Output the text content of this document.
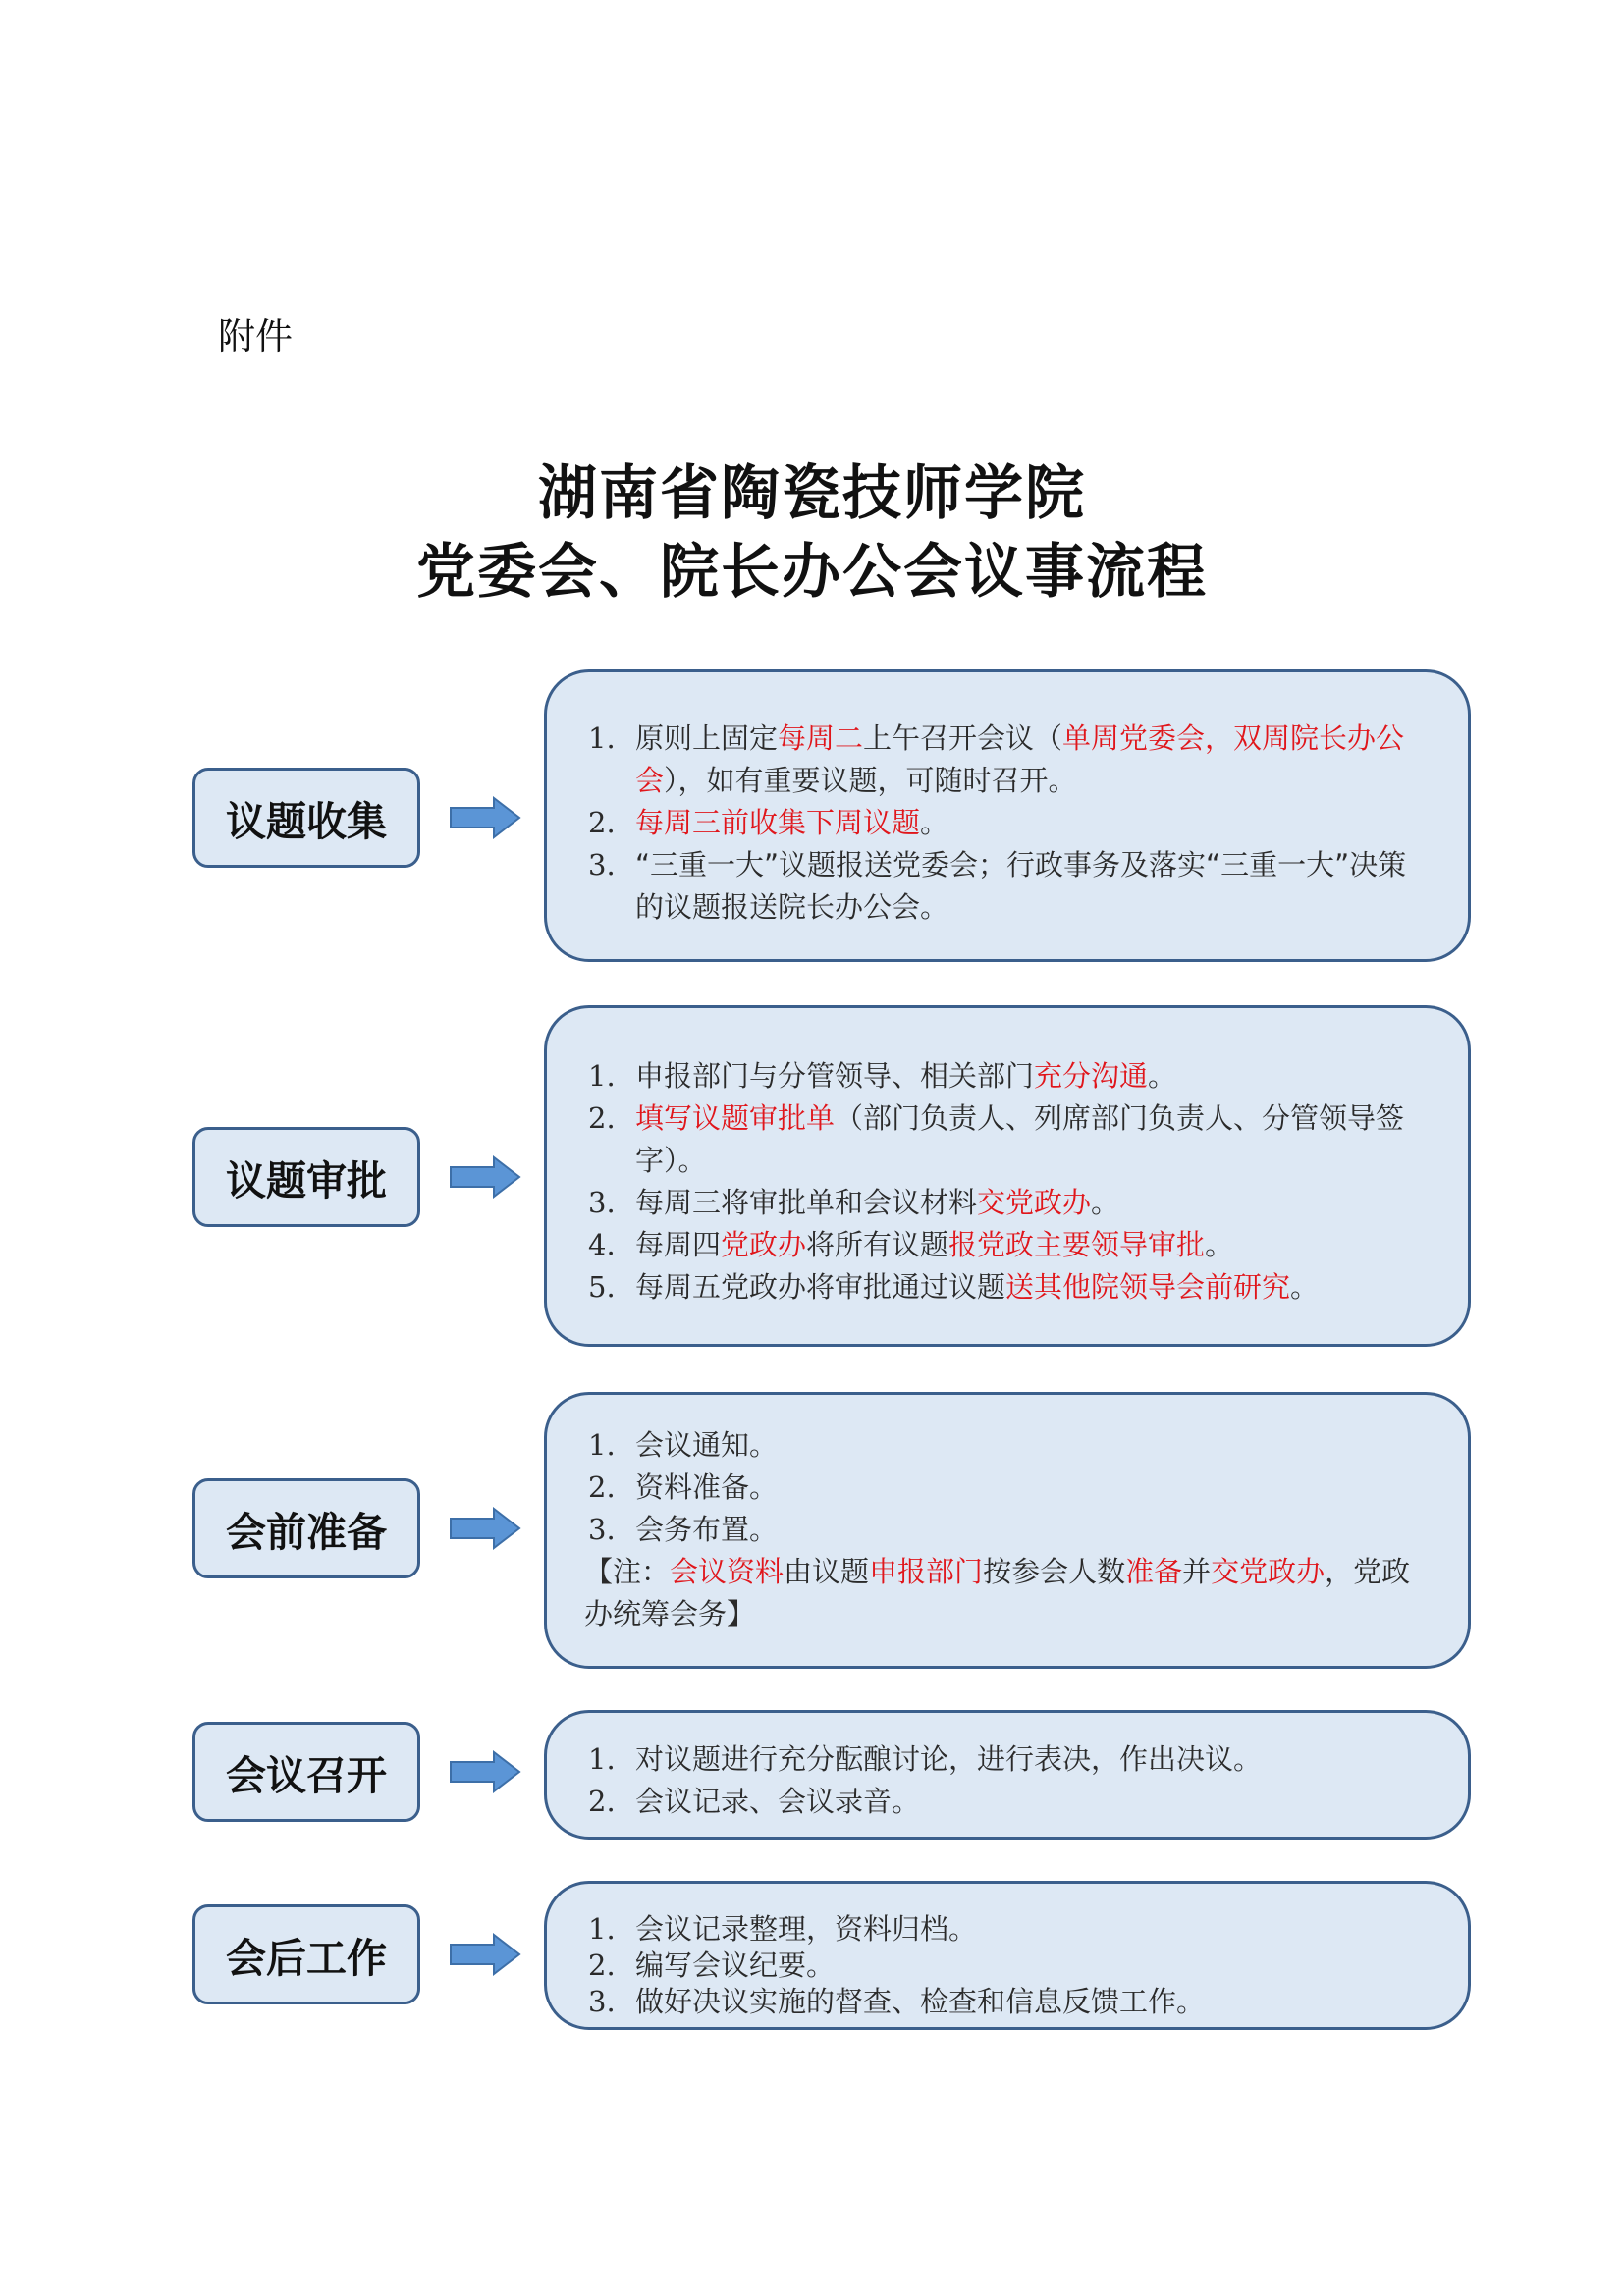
附件
湖南省陶瓷技师学院
党委会、院长办公会议事流程
议题收集
1. 原则上固定每周二上午召开会议（单周党委会，双周院长办公会），如有重要议题，可随时召开。
2. 每周三前收集下周议题。
3. “三重一大”议题报送党委会；行政事务及落实“三重一大”决策的议题报送院长办公会。
议题审批
1. 申报部门与分管领导、相关部门充分沟通。
2. 填写议题审批单（部门负责人、列席部门负责人、分管领导签字）。
3. 每周三将审批单和会议材料交党政办。
4. 每周四党政办将所有议题报党政主要领导审批。
5. 每周五党政办将审批通过议题送其他院领导会前研究。
会前准备
1. 会议通知。
2. 资料准备。
3. 会务布置。
【注：会议资料由议题申报部门按参会人数准备并交党政办，党政办统筹会务】
会议召开	1. 对议题进行充分酝酿讨论，进行表决，作出决议。
2. 会议记录、会议录音。
会后工作
1. 会议记录整理，资料归档。
2. 编写会议纪要。
3. 做好决议实施的督查、检查和信息反馈工作。
